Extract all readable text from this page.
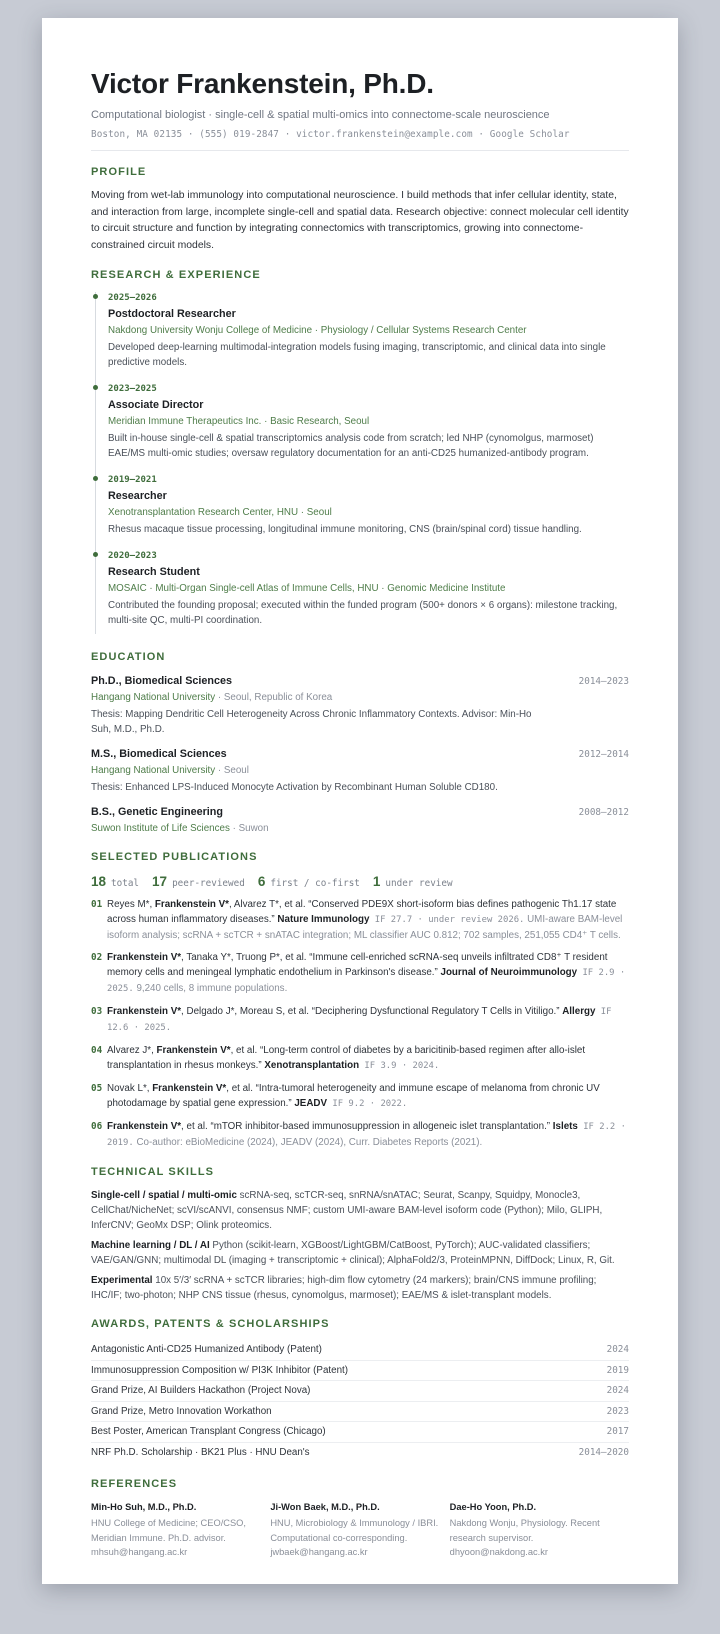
Victor Frankenstein, Ph.D.
Computational biologist · single-cell & spatial multi-omics into connectome-scale neuroscience
Boston, MA 02135 · (555) 019-2847 · victor.frankenstein@example.com · Google Scholar
PROFILE
Moving from wet-lab immunology into computational neuroscience. I build methods that infer cellular identity, state, and interaction from large, incomplete single-cell and spatial data. Research objective: connect molecular cell identity to circuit structure and function by integrating connectomics with transcriptomics, growing into connectome-constrained circuit models.
RESEARCH & EXPERIENCE
2025–2026
Postdoctoral Researcher
Nakdong University Wonju College of Medicine · Physiology / Cellular Systems Research Center
Developed deep-learning multimodal-integration models fusing imaging, transcriptomic, and clinical data into single predictive models.
2023–2025
Associate Director
Meridian Immune Therapeutics Inc. · Basic Research, Seoul
Built in-house single-cell & spatial transcriptomics analysis code from scratch; led NHP (cynomolgus, marmoset) EAE/MS multi-omic studies; oversaw regulatory documentation for an anti-CD25 humanized-antibody program.
2019–2021
Researcher
Xenotransplantation Research Center, HNU · Seoul
Rhesus macaque tissue processing, longitudinal immune monitoring, CNS (brain/spinal cord) tissue handling.
2020–2023
Research Student
MOSAIC · Multi-Organ Single-cell Atlas of Immune Cells, HNU · Genomic Medicine Institute
Contributed the founding proposal; executed within the funded program (500+ donors × 6 organs): milestone tracking, multi-site QC, multi-PI coordination.
EDUCATION
Ph.D., Biomedical Sciences	2014–2023
Hangang National University · Seoul, Republic of Korea
Thesis: Mapping Dendritic Cell Heterogeneity Across Chronic Inflammatory Contexts. Advisor: Min-Ho Suh, M.D., Ph.D.
M.S., Biomedical Sciences	2012–2014
Hangang National University · Seoul
Thesis: Enhanced LPS-Induced Monocyte Activation by Recombinant Human Soluble CD180.
B.S., Genetic Engineering	2008–2012
Suwon Institute of Life Sciences · Suwon
SELECTED PUBLICATIONS
18 total 17 peer-reviewed 6 first / co-first 1 under review
01 Reyes M*, Frankenstein V*, Alvarez T*, et al. “Conserved PDE9X short-isoform bias defines pathogenic Th1.17 state across human inflammatory diseases.” Nature Immunology IF 27.7 · under review 2026. UMI-aware BAM-level isoform analysis; scRNA + scTCR + snATAC integration; ML classifier AUC 0.812; 702 samples, 251,055 CD4⁺ T cells.
02 Frankenstein V*, Tanaka Y*, Truong P*, et al. “Immune cell-enriched scRNA-seq unveils infiltrated CD8⁺ T resident memory cells and meningeal lymphatic endothelium in Parkinson's disease.” Journal of Neuroimmunology IF 2.9 · 2025. 9,240 cells, 8 immune populations.
03 Frankenstein V*, Delgado J*, Moreau S, et al. “Deciphering Dysfunctional Regulatory T Cells in Vitiligo.” Allergy IF 12.6 · 2025.
04 Alvarez J*, Frankenstein V*, et al. “Long-term control of diabetes by a baricitinib-based regimen after allo-islet transplantation in rhesus monkeys.” Xenotransplantation IF 3.9 · 2024.
05 Novak L*, Frankenstein V*, et al. “Intra-tumoral heterogeneity and immune escape of melanoma from chronic UV photodamage by spatial gene expression.” JEADV IF 9.2 · 2022.
06 Frankenstein V*, et al. “mTOR inhibitor-based immunosuppression in allogeneic islet transplantation.” Islets IF 2.2 · 2019. Co-author: eBioMedicine (2024), JEADV (2024), Curr. Diabetes Reports (2021).
TECHNICAL SKILLS
Single-cell / spatial / multi-omic scRNA-seq, scTCR-seq, snRNA/snATAC; Seurat, Scanpy, Squidpy, Monocle3, CellChat/NicheNet; scVI/scANVI, consensus NMF; custom UMI-aware BAM-level isoform code (Python); Milo, GLIPH, InferCNV; GeoMx DSP; Olink proteomics.
Machine learning / DL / AI Python (scikit-learn, XGBoost/LightGBM/CatBoost, PyTorch); AUC-validated classifiers; VAE/GAN/GNN; multimodal DL (imaging + transcriptomic + clinical); AlphaFold2/3, ProteinMPNN, DiffDock; Linux, R, Git.
Experimental 10x 5′/3′ scRNA + scTCR libraries; high-dim flow cytometry (24 markers); brain/CNS immune profiling; IHC/IF; two-photon; NHP CNS tissue (rhesus, cynomolgus, marmoset); EAE/MS & islet-transplant models.
AWARDS, PATENTS & SCHOLARSHIPS
Antagonistic Anti-CD25 Humanized Antibody (Patent)	2024
Immunosuppression Composition w/ PI3K Inhibitor (Patent)	2019
Grand Prize, AI Builders Hackathon (Project Nova)	2024
Grand Prize, Metro Innovation Workathon	2023
Best Poster, American Transplant Congress (Chicago)	2017
NRF Ph.D. Scholarship · BK21 Plus · HNU Dean's	2014–2020
REFERENCES
Min-Ho Suh, M.D., Ph.D.
HNU College of Medicine; CEO/CSO, Meridian Immune. Ph.D. advisor.
mhsuh@hangang.ac.kr
Ji-Won Baek, M.D., Ph.D.
HNU, Microbiology & Immunology / IBRI. Computational co-corresponding.
jwbaek@hangang.ac.kr
Dae-Ho Yoon, Ph.D.
Nakdong Wonju, Physiology. Recent research supervisor.
dhyoon@nakdong.ac.kr
